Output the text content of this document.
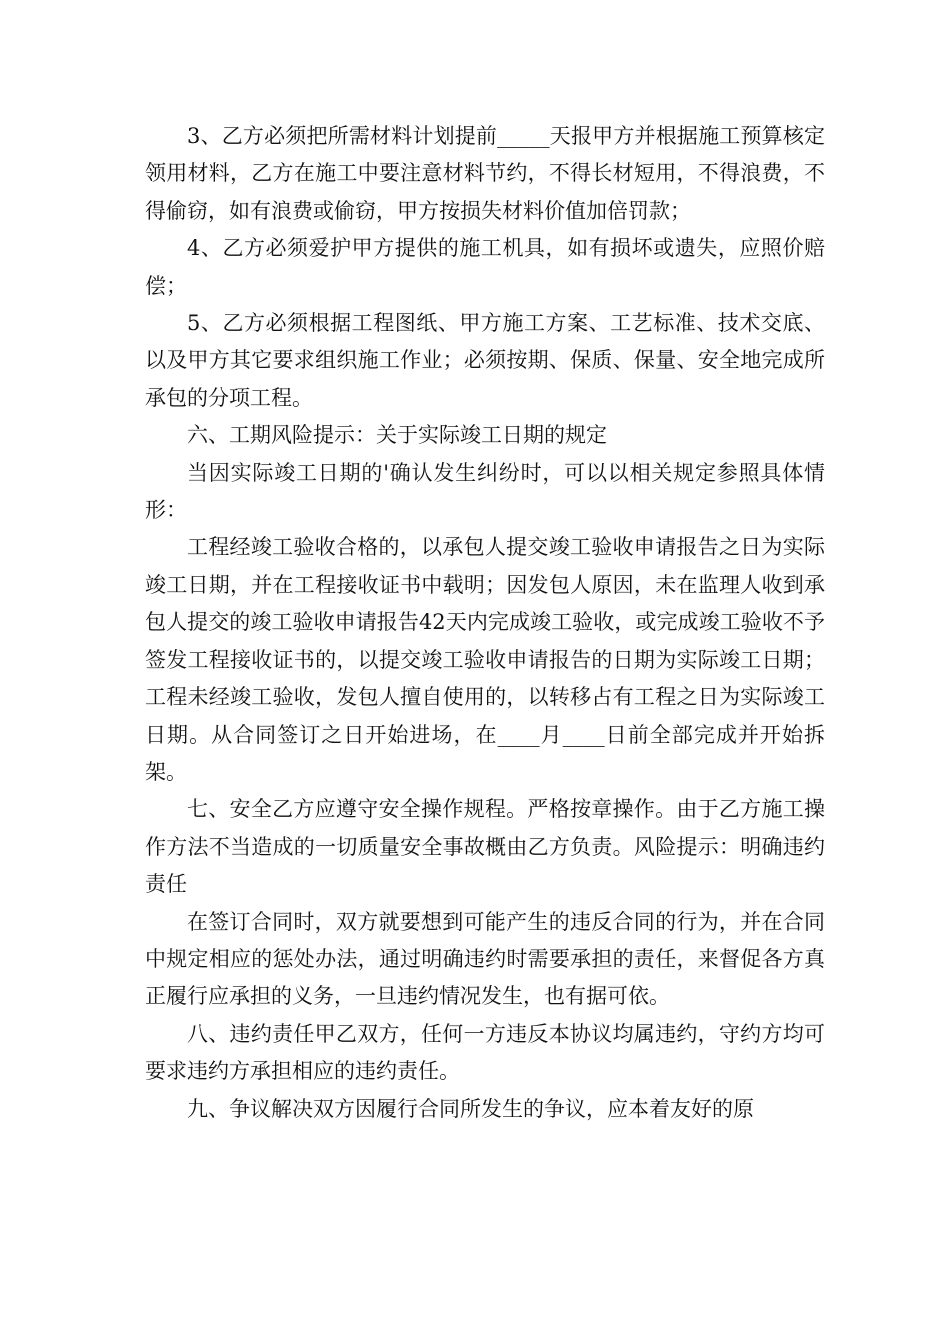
3、乙方必须把所需材料计划提前_____天报甲方并根据施工预算核定领用材料，乙方在施工中要注意材料节约，不得长材短用，不得浪费，不得偷窃，如有浪费或偷窃，甲方按损失材料价值加倍罚款；

4、乙方必须爱护甲方提供的施工机具，如有损坏或遗失，应照价赔偿；

5、乙方必须根据工程图纸、甲方施工方案、工艺标准、技术交底、以及甲方其它要求组织施工作业；必须按期、保质、保量、安全地完成所承包的分项工程。

六、工期风险提示：关于实际竣工日期的规定

当因实际竣工日期的'确认发生纠纷时，可以以相关规定参照具体情形：

工程经竣工验收合格的，以承包人提交竣工验收申请报告之日为实际竣工日期，并在工程接收证书中载明；因发包人原因，未在监理人收到承包人提交的竣工验收申请报告42天内完成竣工验收，或完成竣工验收不予签发工程接收证书的，以提交竣工验收申请报告的日期为实际竣工日期；工程未经竣工验收，发包人擅自使用的，以转移占有工程之日为实际竣工日期。从合同签订之日开始进场，在____月____日前全部完成并开始拆架。

七、安全乙方应遵守安全操作规程。严格按章操作。由于乙方施工操作方法不当造成的一切质量安全事故概由乙方负责。风险提示：明确违约责任

在签订合同时，双方就要想到可能产生的违反合同的行为，并在合同中规定相应的惩处办法，通过明确违约时需要承担的责任，来督促各方真正履行应承担的义务，一旦违约情况发生，也有据可依。

八、违约责任甲乙双方，任何一方违反本协议均属违约，守约方均可要求违约方承担相应的违约责任。

九、争议解决双方因履行合同所发生的争议，应本着友好的原
